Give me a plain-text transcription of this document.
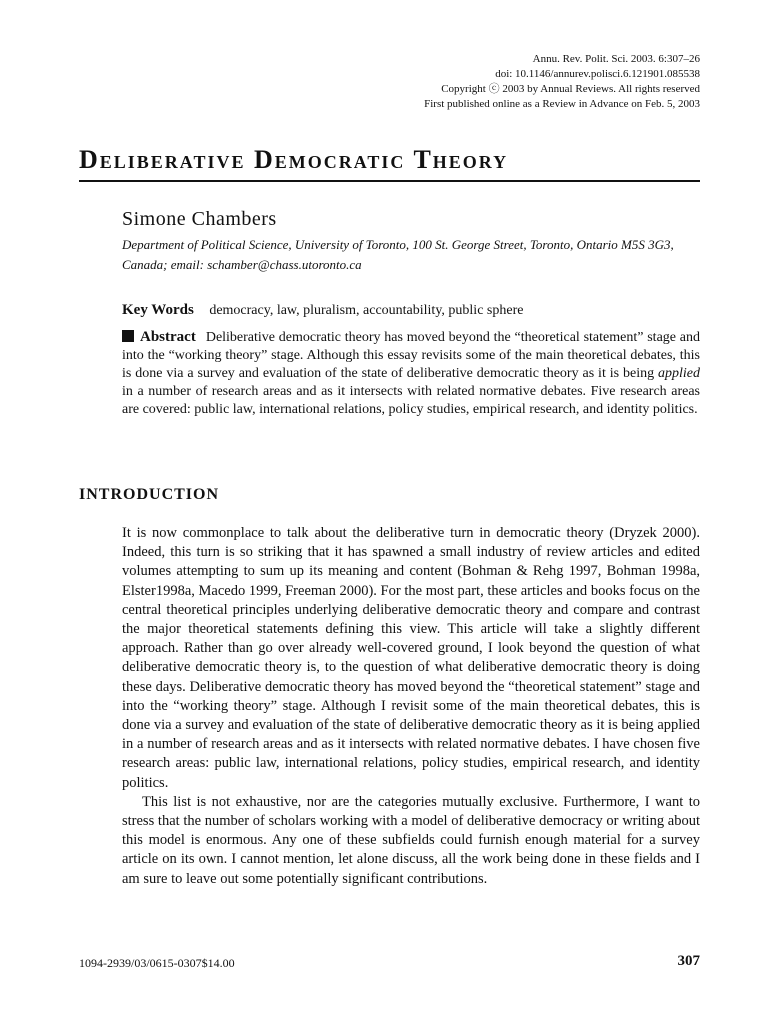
Annu. Rev. Polit. Sci. 2003. 6:307–26
doi: 10.1146/annurev.polisci.6.121901.085538
Copyright ⓒ 2003 by Annual Reviews. All rights reserved
First published online as a Review in Advance on Feb. 5, 2003
Deliberative Democratic Theory
Simone Chambers
Department of Political Science, University of Toronto, 100 St. George Street, Toronto, Ontario M5S 3G3, Canada; email: schamber@chass.utoronto.ca
Key Words democracy, law, pluralism, accountability, public sphere

Abstract Deliberative democratic theory has moved beyond the “theoretical statement” stage and into the “working theory” stage. Although this essay revisits some of the main theoretical debates, this is done via a survey and evaluation of the state of deliberative democratic theory as it is being applied in a number of research areas and as it intersects with related normative debates. Five research areas are covered: public law, international relations, policy studies, empirical research, and identity politics.

INTRODUCTION

It is now commonplace to talk about the deliberative turn in democratic theory (Dryzek 2000). Indeed, this turn is so striking that it has spawned a small industry of review articles and edited volumes attempting to sum up its meaning and content (Bohman & Rehg 1997, Bohman 1998a, Elster1998a, Macedo 1999, Freeman 2000). For the most part, these articles and books focus on the central theoretical principles underlying deliberative democratic theory and compare and contrast the major theoretical statements defining this view. This article will take a slightly different approach. Rather than go over already well-covered ground, I look beyond the question of what deliberative democratic theory is, to the question of what deliberative democratic theory is doing these days. Deliberative democratic theory has moved beyond the “theoretical statement” stage and into the “working theory” stage. Although I revisit some of the main theoretical debates, this is done via a survey and evaluation of the state of deliberative democratic theory as it is being applied in a number of research areas and as it intersects with related normative debates. I have chosen five research areas: public law, international relations, policy studies, empirical research, and identity politics.

This list is not exhaustive, nor are the categories mutually exclusive. Furthermore, I want to stress that the number of scholars working with a model of deliberative democracy or writing about this model is enormous. Any one of these subfields could furnish enough material for a survey article on its own. I cannot mention, let alone discuss, all the work being done in these fields and I am sure to leave out some potentially significant contributions.

1094-2939/03/0615-0307$14.00	307
